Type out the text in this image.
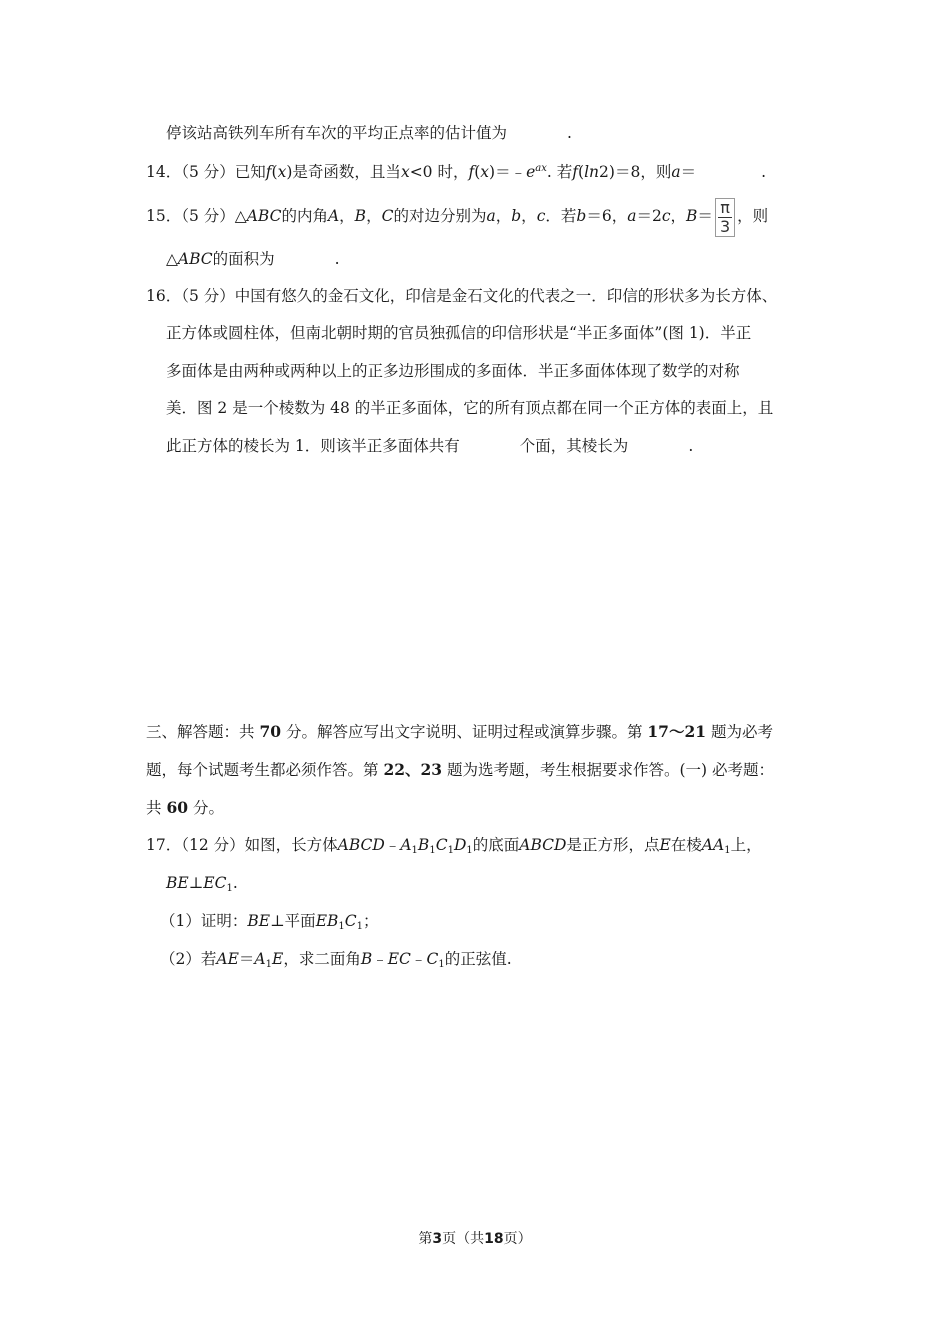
停该站高铁列车所有车次的平均正点率的估计值为	.
14．（5 分）已知f(x)是奇函数，且当x<0 时，$f(x)=﹣e^{ax}$. 若f(ln2)＝8，则a＝	.
15．（5 分）△ABC的内角A，B，C的对边分别为a，b，c．若b＝6，a＝2c，$B= \frac{\pi}{3}$ ，则
△ABC的面积为	.
16．（5 分）中国有悠久的金石文化，印信是金石文化的代表之一．印信的形状多为长方体、
正方体或圆柱体，但南北朝时期的官员独孤信的印信形状是“半正多面体”(图 1)．半正
多面体是由两种或两种以上的正多边形围成的多面体．半正多面体体现了数学的对称
美．图 2 是一个棱数为 48 的半正多面体，它的所有顶点都在同一个正方体的表面上，且
此正方体的棱长为 1．则该半正多面体共有	个面，其棱长为	.
三、解答题：共 70 分。解答应写出文字说明、证明过程或演算步骤。第 17～21 题为必考
题，每个试题考生都必须作答。第 22、23 题为选考题，考生根据要求作答。(一) 必考题：
共 60 分。
17．（12 分）如图，长方体$ABCD﹣A_1B_1C_1D_1$的底面ABCD是正方形，点E在棱$AA_1$上，
$BE\perp EC_1$.
（1）证明：BE⊥平面$EB_1C_1$；
（2）若$AE=A_1E$，求二面角$B﹣EC﹣C_1$的正弦值.
第3页（共18页）
